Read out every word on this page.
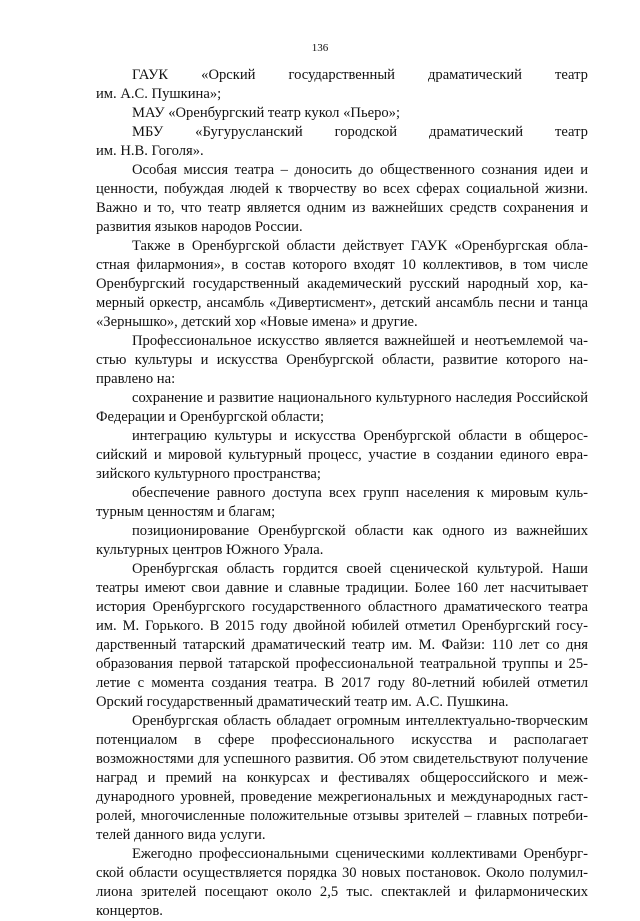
136
ГАУК «Орский государственный драматический театр

им. А.С. Пушкина»;

МАУ «Оренбургский театр кукол «Пьеро»;

МБУ «Бугурусланский городской драматический театр

им. Н.В. Гоголя».

Особая миссия театра – доносить до общественного сознания идеи и ценности, побуждая людей к творчеству во всех сферах социальной жизни. Важно и то, что театр является одним из важнейших средств сохранения и развития языков народов России.

Также в Оренбургской области действует ГАУК «Оренбургская областная филармония», в состав которого входят 10 коллективов, в том числе Оренбургский государственный академический русский народный хор, камерный оркестр, ансамбль «Дивертисмент», детский ансамбль песни и танца «Зернышко», детский хор «Новые имена» и другие.

Профессиональное искусство является важнейшей и неотъемлемой частью культуры и искусства Оренбургской области, развитие которого направлено на:

сохранение и развитие национального культурного наследия Российской Федерации и Оренбургской области;

интеграцию культуры и искусства Оренбургской области в общероссийский и мировой культурный процесс, участие в создании единого евразийского культурного пространства;

обеспечение равного доступа всех групп населения к мировым культурным ценностям и благам;

позиционирование Оренбургской области как одного из важнейших культурных центров Южного Урала.

Оренбургская область гордится своей сценической культурой. Наши театры имеют свои давние и славные традиции. Более 160 лет насчитывает история Оренбургского государственного областного драматического театра им. М. Горького. В 2015 году двойной юбилей отметил Оренбургский государственный татарский драматический театр им. М. Файзи: 110 лет со дня образования первой татарской профессиональной театральной труппы и 25-летие с момента создания театра. В 2017 году 80-летний юбилей отметил Орский государственный драматический театр им. А.С. Пушкина.

Оренбургская область обладает огромным интеллектуально-творческим потенциалом в сфере профессионального искусства и располагает возможностями для успешного развития. Об этом свидетельствуют получение наград и премий на конкурсах и фестивалях общероссийского и международного уровней, проведение межрегиональных и международных гастролей, многочисленные положительные отзывы зрителей – главных потребителей данного вида услуги.

Ежегодно профессиональными сценическими коллективами Оренбургской области осуществляется порядка 30 новых постановок. Около полумиллиона зрителей посещают около 2,5 тыс. спектаклей и филармонических концертов.
